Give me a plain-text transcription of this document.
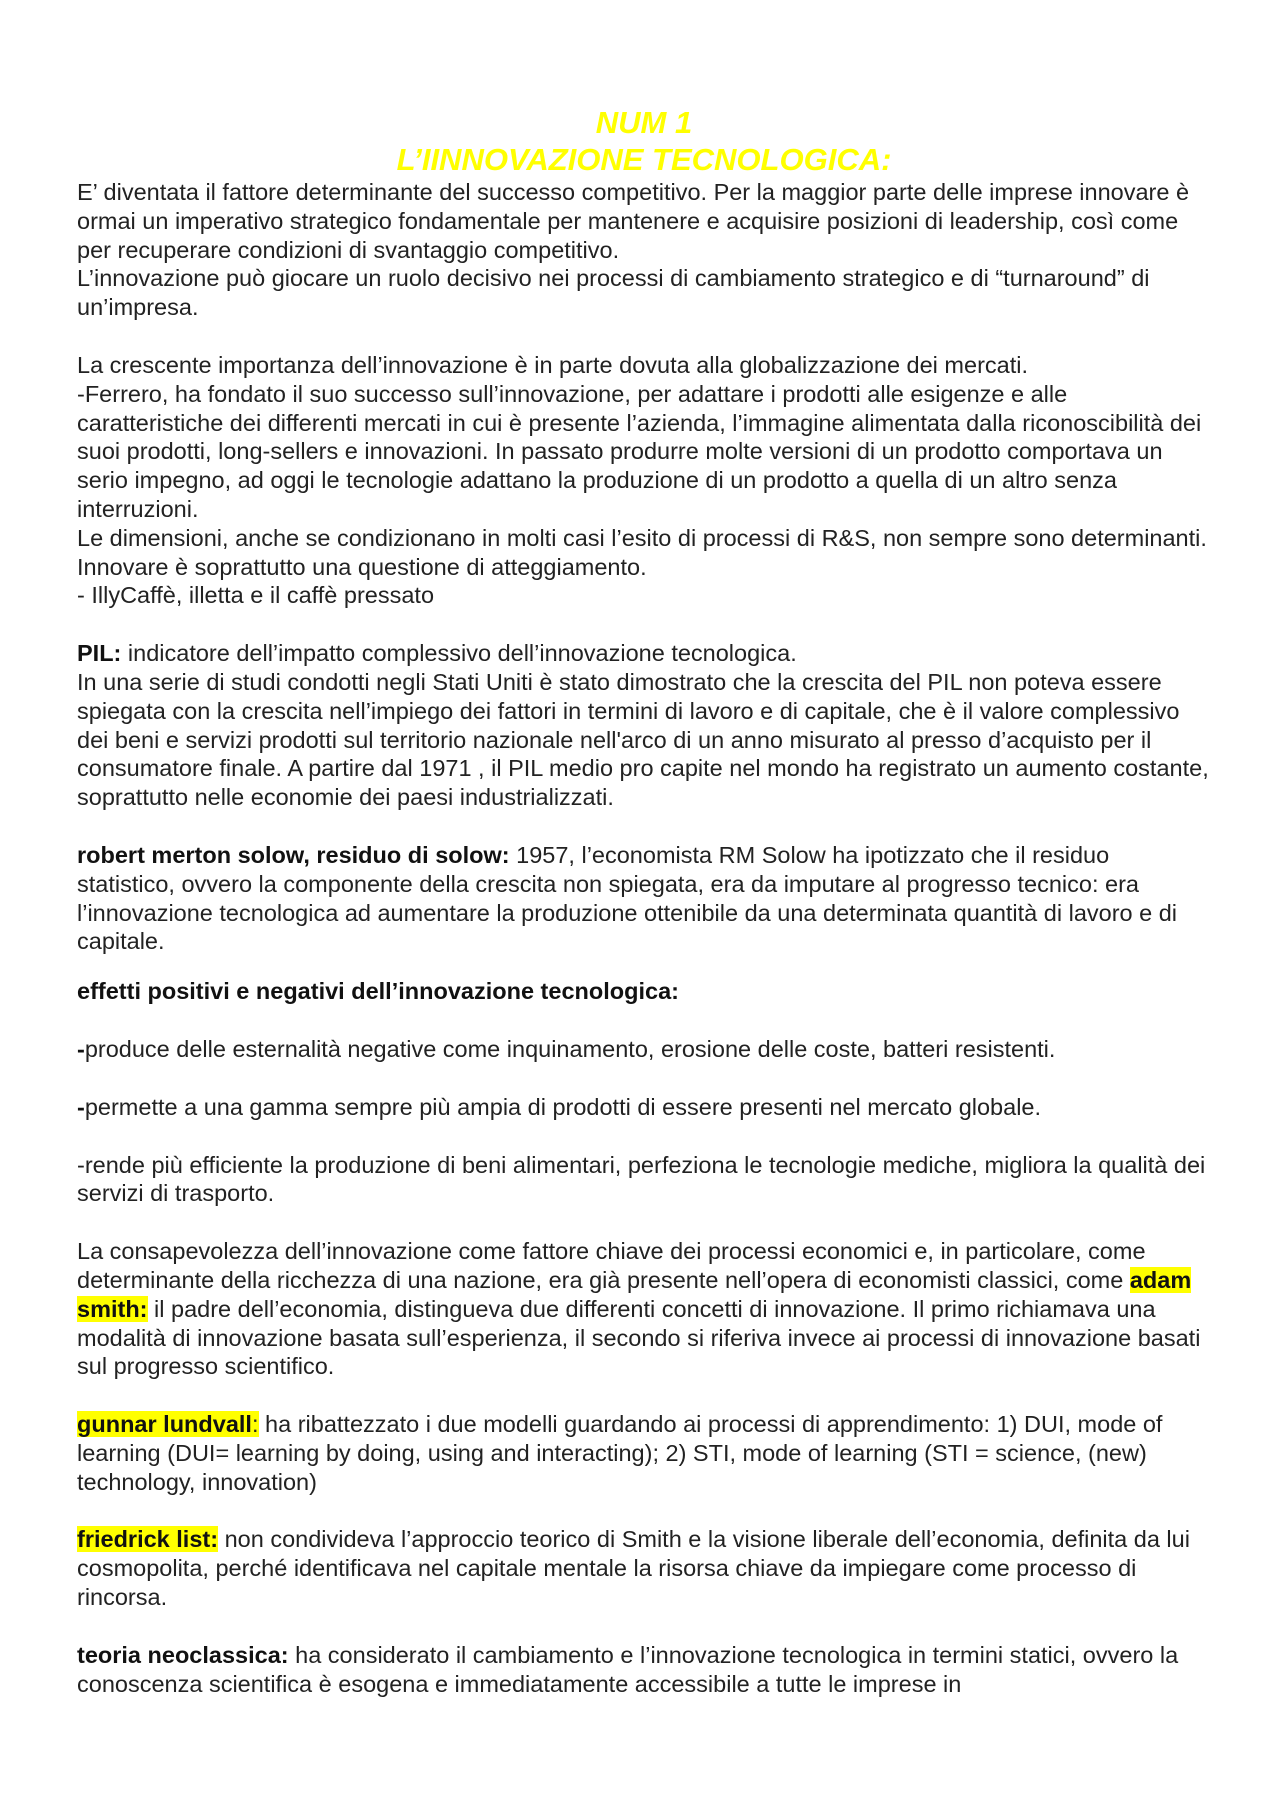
NUM 1

L’IINNOVAZIONE TECNOLOGICA:

E’ diventata il fattore determinante del successo competitivo. Per la maggior parte delle imprese innovare è ormai un imperativo strategico fondamentale per mantenere e acquisire posizioni di leadership, così come per recuperare condizioni di svantaggio competitivo.

L’innovazione può giocare un ruolo decisivo nei processi di cambiamento strategico e di “turnaround” di un’impresa.

La crescente importanza dell’innovazione è in parte dovuta alla globalizzazione dei mercati.

-Ferrero, ha fondato il suo successo sull’innovazione, per adattare i prodotti alle esigenze e alle caratteristiche dei differenti mercati in cui è presente l’azienda, l’immagine alimentata dalla riconoscibilità dei suoi prodotti, long-sellers e innovazioni. In passato produrre molte versioni di un prodotto comportava un serio impegno, ad oggi le tecnologie adattano la produzione di un prodotto a quella di un altro senza interruzioni.

Le dimensioni, anche se condizionano in molti casi l’esito di processi di R&S, non sempre sono determinanti. Innovare è soprattutto una questione di atteggiamento.

- IllyCaffè, illetta e il caffè pressato

PIL: indicatore dell’impatto complessivo dell’innovazione tecnologica.

In una serie di studi condotti negli Stati Uniti è stato dimostrato che la crescita del PIL non poteva essere spiegata con la crescita nell’impiego dei fattori in termini di lavoro e di capitale, che è il valore complessivo dei beni e servizi prodotti sul territorio nazionale nell'arco di un anno misurato al presso d’acquisto per il consumatore finale. A partire dal 1971 , il PIL medio pro capite nel mondo ha registrato un aumento costante, soprattutto nelle economie dei paesi industrializzati.

robert merton solow, residuo di solow: 1957, l’economista RM Solow ha ipotizzato che il residuo statistico, ovvero la componente della crescita non spiegata, era da imputare al progresso tecnico: era l’innovazione tecnologica ad aumentare la produzione ottenibile da una determinata quantità di lavoro e di capitale.

effetti positivi e negativi dell’innovazione tecnologica:

-produce delle esternalità negative come inquinamento, erosione delle coste, batteri resistenti.

-permette a una gamma sempre più ampia di prodotti di essere presenti nel mercato globale.

-rende più efficiente la produzione di beni alimentari, perfeziona le tecnologie mediche, migliora la qualità dei servizi di trasporto.

La consapevolezza dell’innovazione come fattore chiave dei processi economici e, in particolare, come determinante della ricchezza di una nazione, era già presente nell’opera di economisti classici, come adam smith: il padre dell’economia, distingueva due differenti concetti di innovazione. Il primo richiamava una modalità di innovazione basata sull’esperienza, il secondo si riferiva invece ai processi di innovazione basati sul progresso scientifico.

gunnar lundvall: ha ribattezzato i due modelli guardando ai processi di apprendimento: 1) DUI, mode of learning (DUI= learning by doing, using and interacting); 2) STI, mode of learning (STI = science, (new) technology, innovation)

friedrick list: non condivideva l’approccio teorico di Smith e la visione liberale dell’economia, definita da lui cosmopolita, perché identificava nel capitale mentale la risorsa chiave da impiegare come processo di rincorsa.

teoria neoclassica: ha considerato il cambiamento e l’innovazione tecnologica in termini statici, ovvero la conoscenza scientifica è esogena e immediatamente accessibile a tutte le imprese in
